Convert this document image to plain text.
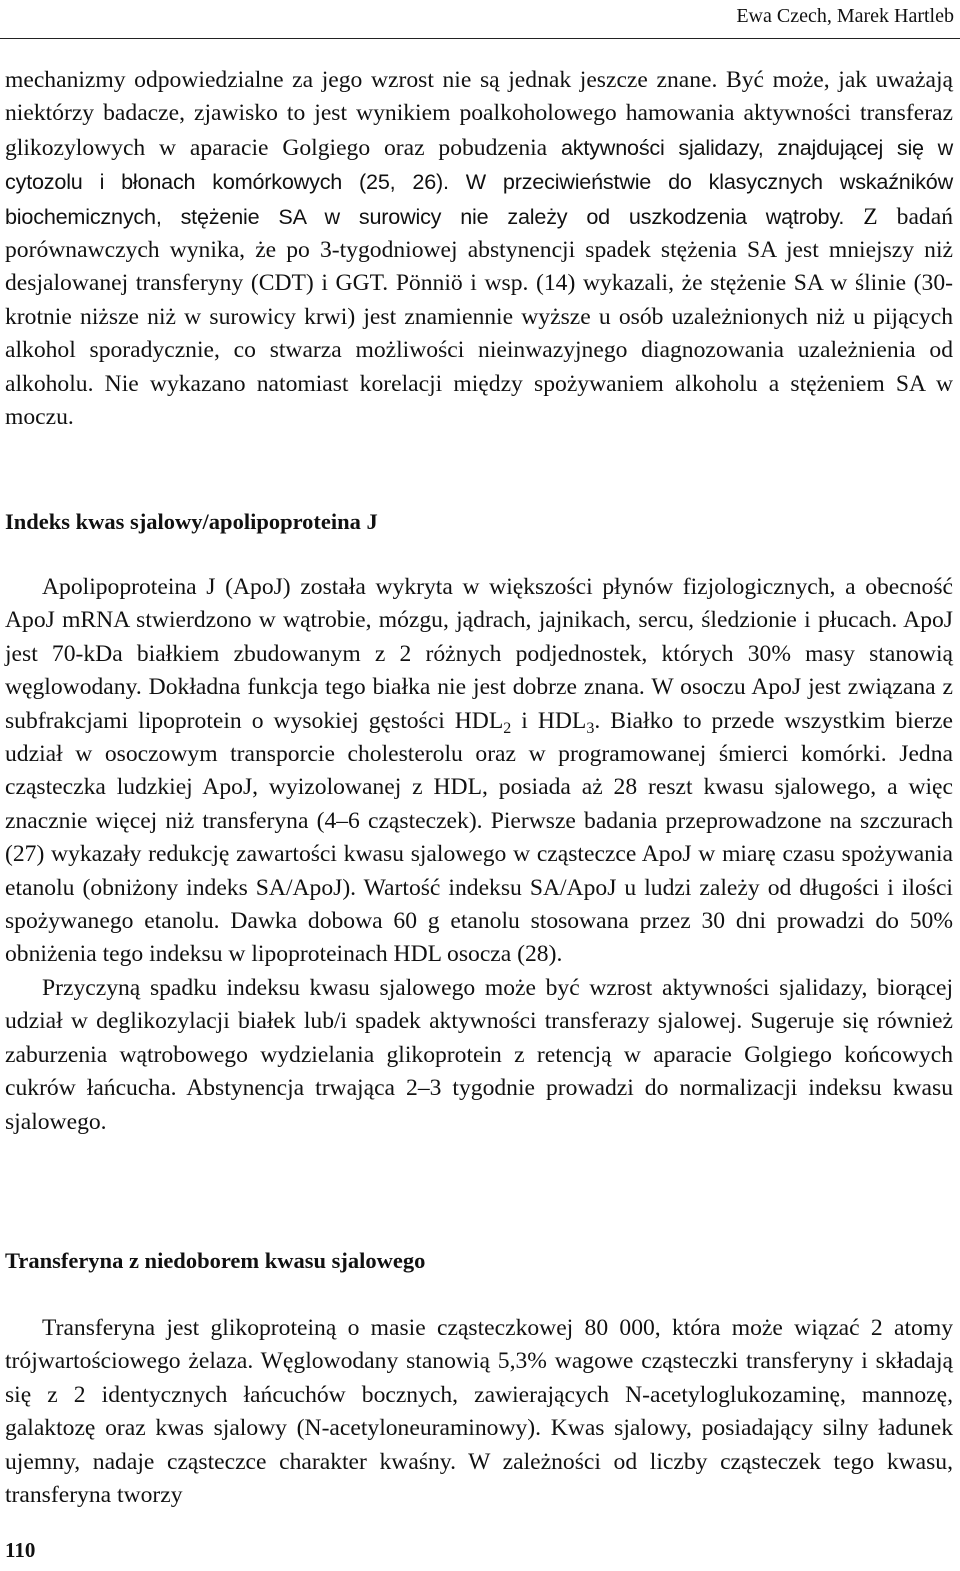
Ewa Czech, Marek Hartleb

mechanizmy odpowiedzialne za jego wzrost nie są jednak jeszcze znane. Być może, jak uważają niektórzy badacze, zjawisko to jest wynikiem poalkoholowego hamowania aktywności transferaz glikozylowych w aparacie Golgiego oraz pobudzenia aktywności sjalidazy, znajdującej się w cytozolu i błonach komórkowych (25, 26). W przeciwieństwie do klasycznych wskaźników biochemicznych, stężenie SA w surowicy nie zależy od uszkodzenia wątroby. Z badań porównawczych wynika, że po 3-tygodniowej abstynencji spadek stężenia SA jest mniejszy niż desjalowanej transferyny (CDT) i GGT. Pönniö i wsp. (14) wykazali, że stężenie SA w ślinie (30-krotnie niższe niż w surowicy krwi) jest znamiennie wyższe u osób uzależnionych niż u pijących alkohol sporadycznie, co stwarza możliwości nieinwazyjnego diagnozowania uzależnienia od alkoholu. Nie wykazano natomiast korelacji między spożywaniem alkoholu a stężeniem SA w moczu.

Indeks kwas sjalowy/apolipoproteina J

Apolipoproteina J (ApoJ) została wykryta w większości płynów fizjologicznych, a obecność ApoJ mRNA stwierdzono w wątrobie, mózgu, jądrach, jajnikach, sercu, śledzionie i płucach. ApoJ jest 70-kDa białkiem zbudowanym z 2 różnych podjednostek, których 30% masy stanowią węglowodany. Dokładna funkcja tego białka nie jest dobrze znana. W osoczu ApoJ jest związana z subfrakcjami lipoprotein o wysokiej gęstości $HDL_2$ i $HDL_3$. Białko to przede wszystkim bierze udział w osoczowym transporcie cholesterolu oraz w programowanej śmierci komórki. Jedna cząsteczka ludzkiej ApoJ, wyizolowanej z HDL, posiada aż 28 reszt kwasu sjalowego, a więc znacznie więcej niż transferyna (4–6 cząsteczek). Pierwsze badania przeprowadzone na szczurach (27) wykazały redukcję zawartości kwasu sjalowego w cząsteczce ApoJ w miarę czasu spożywania etanolu (obniżony indeks SA/ApoJ). Wartość indeksu SA/ApoJ u ludzi zależy od długości i ilości spożywanego etanolu. Dawka dobowa 60 g etanolu stosowana przez 30 dni prowadzi do 50% obniżenia tego indeksu w lipoproteinach HDL osocza (28).

Przyczyną spadku indeksu kwasu sjalowego może być wzrost aktywności sjalidazy, biorącej udział w deglikozylacji białek lub/i spadek aktywności transferazy sjalowej. Sugeruje się również zaburzenia wątrobowego wydzielania glikoprotein z retencją w aparacie Golgiego końcowych cukrów łańcucha. Abstynencja trwająca 2–3 tygodnie prowadzi do normalizacji indeksu kwasu sjalowego.

Transferyna z niedoborem kwasu sjalowego

Transferyna jest glikoproteiną o masie cząsteczkowej 80 000, która może wiązać 2 atomy trójwartościowego żelaza. Węglowodany stanowią 5,3% wagowe cząsteczki transferyny i składają się z 2 identycznych łańcuchów bocznych, zawierających N-acetyloglukozaminę, mannozę, galaktozę oraz kwas sjalowy (N-acetyloneuraminowy). Kwas sjalowy, posiadający silny ładunek ujemny, nadaje cząsteczce charakter kwaśny. W zależności od liczby cząsteczek tego kwasu, transferyna tworzy

110
